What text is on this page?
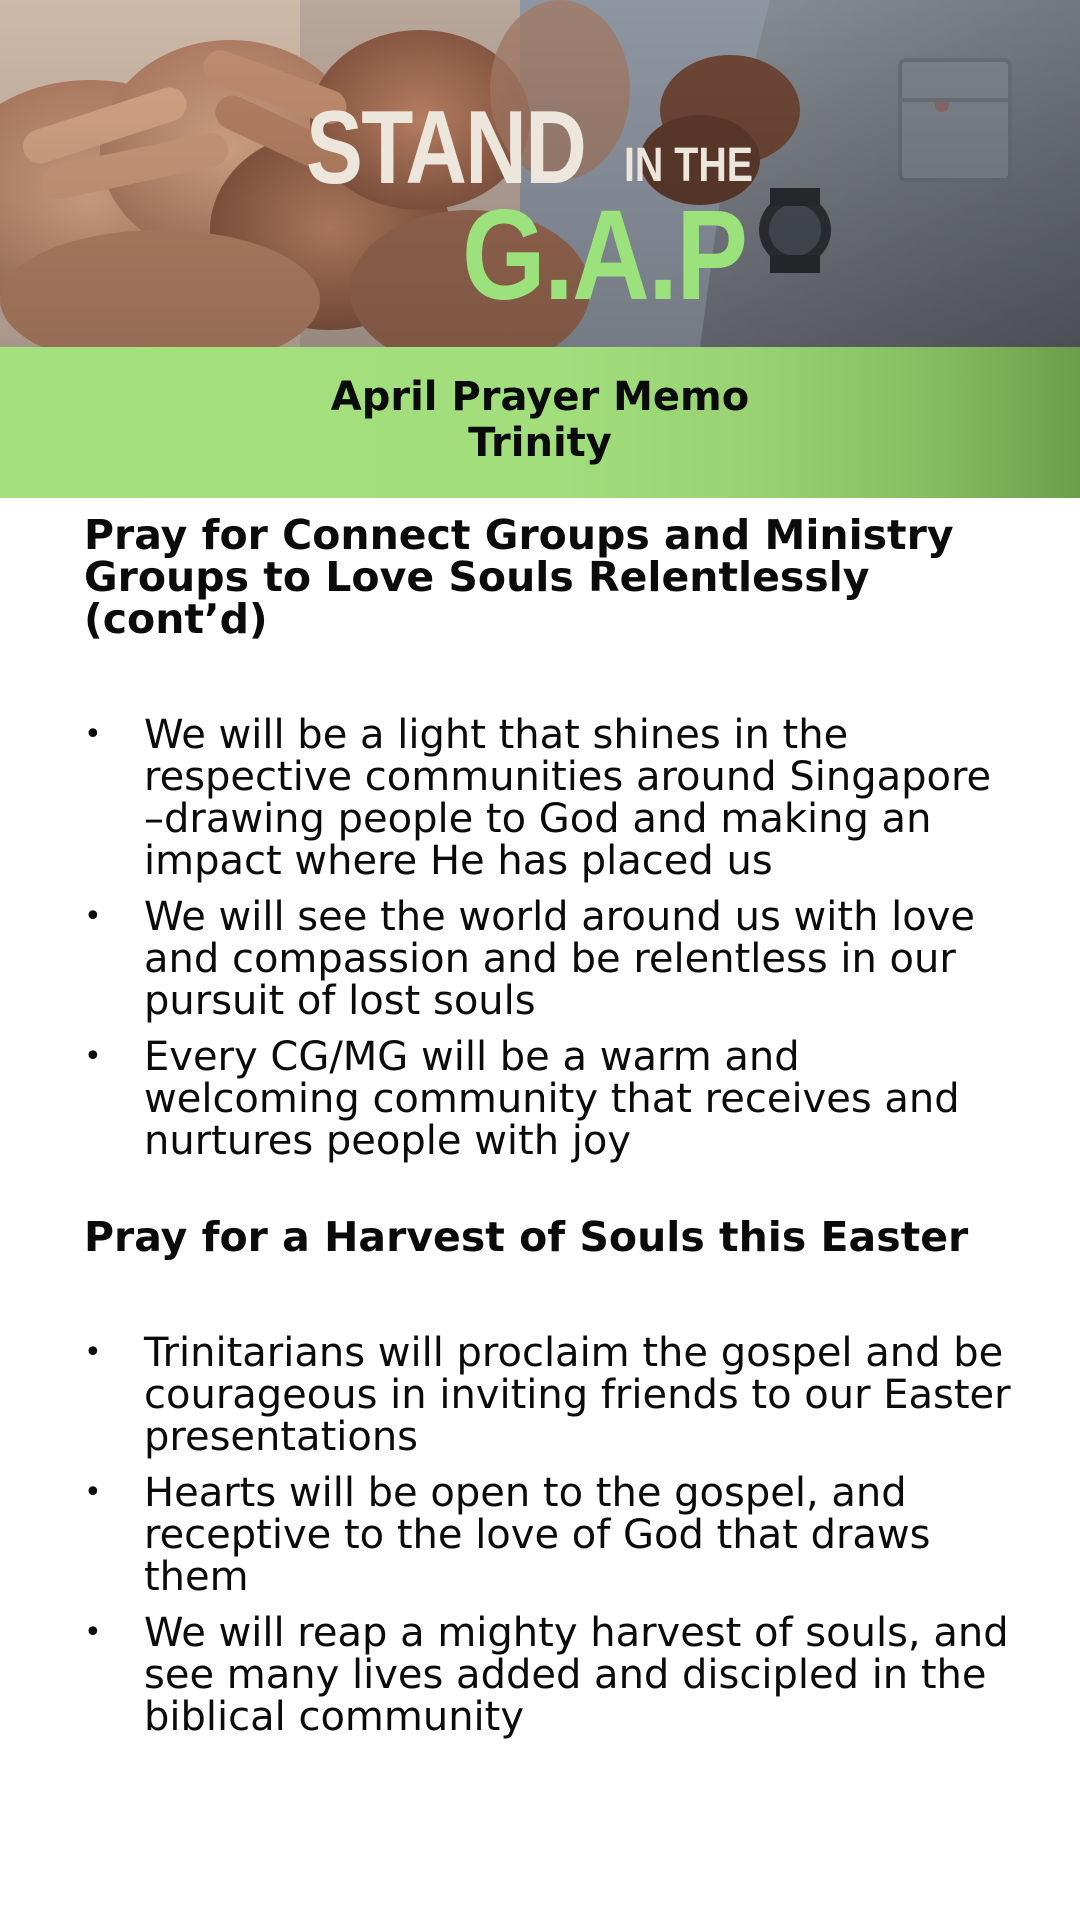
STAND IN THE
G.A.P
April Prayer Memo
Trinity
Pray for Connect Groups and Ministry Groups to Love Souls Relentlessly (cont’d)
• We will be a light that shines in the respective communities around Singapore –drawing people to God and making an impact where He has placed us
• We will see the world around us with love and compassion and be relentless in our pursuit of lost souls
• Every CG/MG will be a warm and welcoming community that receives and nurtures people with joy
Pray for a Harvest of Souls this Easter
• Trinitarians will proclaim the gospel and be courageous in inviting friends to our Easter presentations
• Hearts will be open to the gospel, and receptive to the love of God that draws them
• We will reap a mighty harvest of souls, and see many lives added and discipled in the biblical community
